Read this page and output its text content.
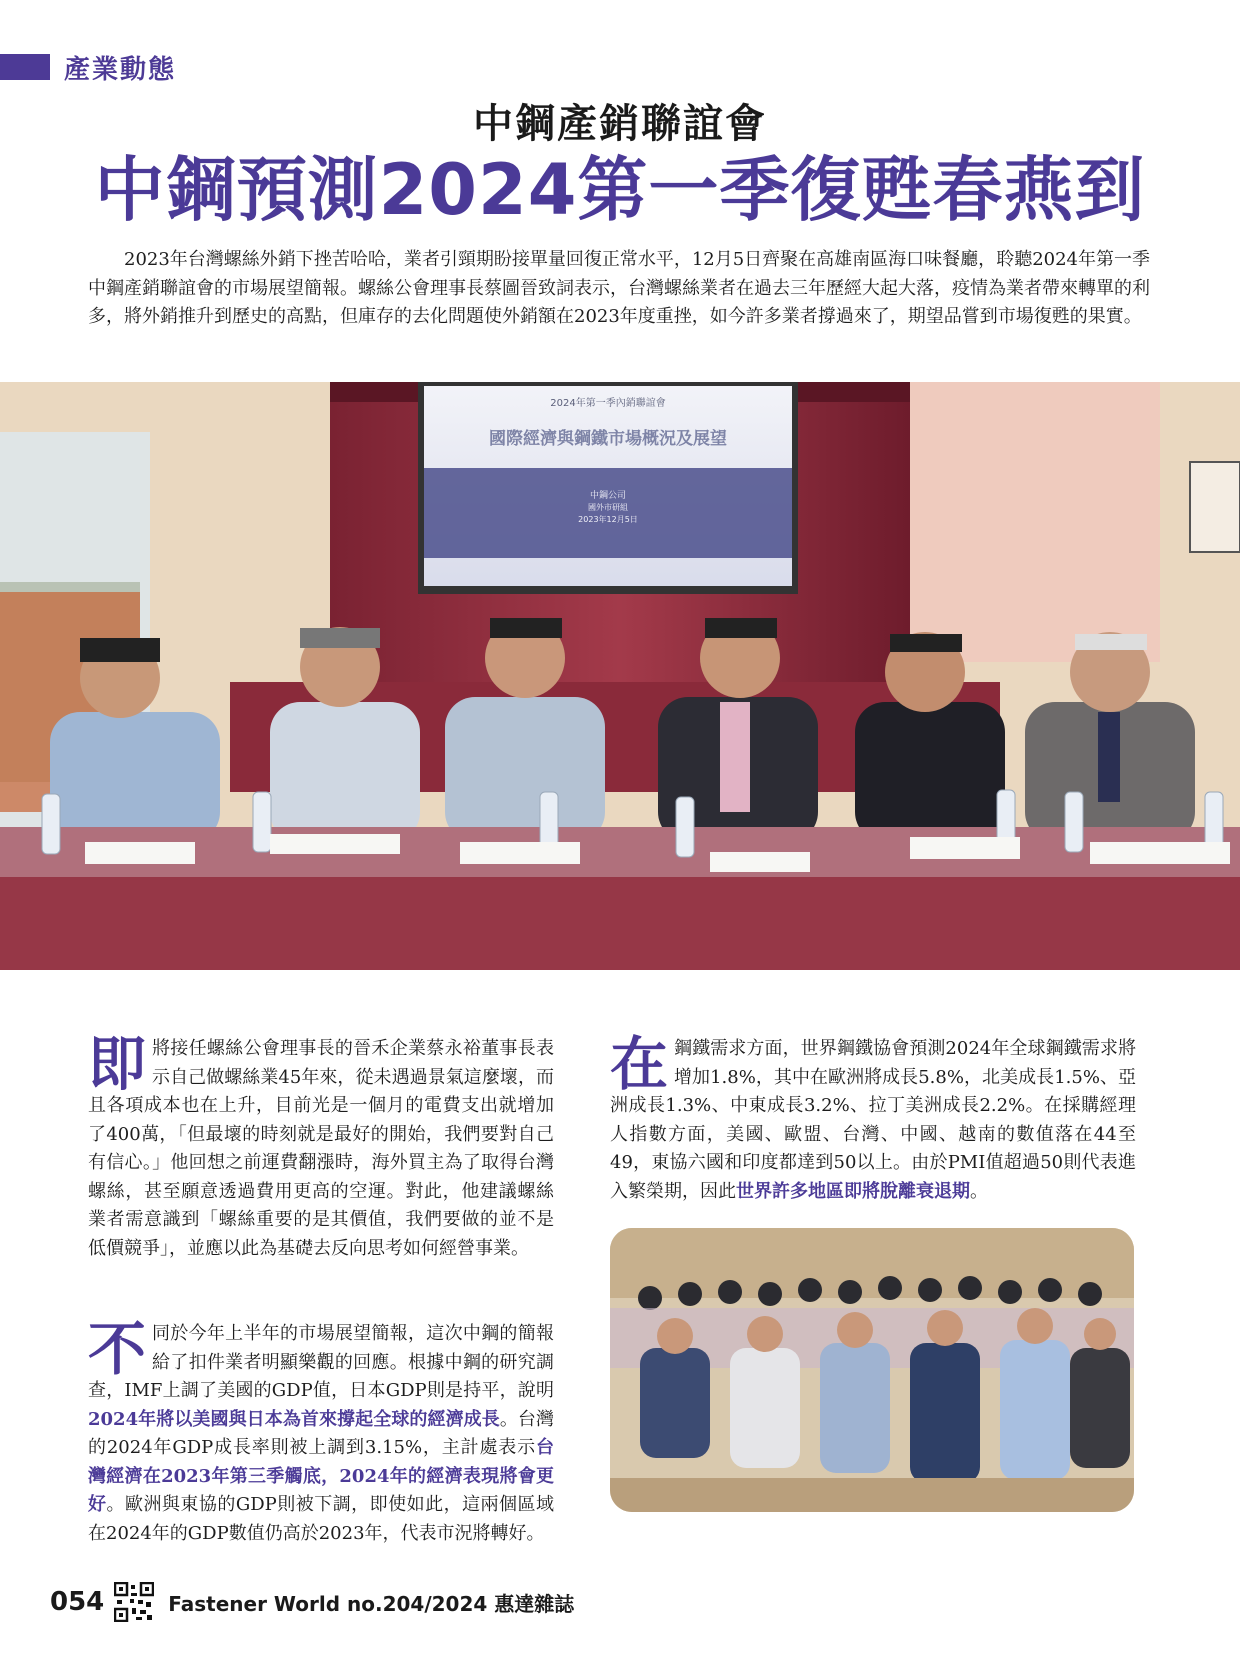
產業動態
中鋼產銷聯誼會
中鋼預測2024第一季復甦春燕到

2023年台灣螺絲外銷下挫苦哈哈，業者引頸期盼接單量回復正常水平，12月5日齊聚在高雄南區海口味餐廳，聆聽2024年第一季中鋼產銷聯誼會的市場展望簡報。螺絲公會理事長蔡圖晉致詞表示，台灣螺絲業者在過去三年歷經大起大落，疫情為業者帶來轉單的利多，將外銷推升到歷史的高點，但庫存的去化問題使外銷額在2023年度重挫，如今許多業者撐過來了，期望品嘗到市場復甦的果實。

2024年第一季內銷聯誼會
國際經濟與鋼鐵市場概況及展望
中鋼公司
國外市研組
2023年12月5日

即將接任螺絲公會理事長的晉禾企業蔡永裕董事長表示自己做螺絲業45年來，從未遇過景氣這麼壞，而且各項成本也在上升，目前光是一個月的電費支出就增加了400萬，「但最壞的時刻就是最好的開始，我們要對自己有信心。」他回想之前運費翻漲時，海外買主為了取得台灣螺絲，甚至願意透過費用更高的空運。對此，他建議螺絲業者需意識到「螺絲重要的是其價值，我們要做的並不是低價競爭」，並應以此為基礎去反向思考如何經營事業。

不同於今年上半年的市場展望簡報，這次中鋼的簡報給了扣件業者明顯樂觀的回應。根據中鋼的研究調查，IMF上調了美國的GDP值，日本GDP則是持平，說明2024年將以美國與日本為首來撐起全球的經濟成長。台灣的2024年GDP成長率則被上調到3.15%，主計處表示台灣經濟在2023年第三季觸底，2024年的經濟表現將會更好。歐洲與東協的GDP則被下調，即使如此，這兩個區域在2024年的GDP數值仍高於2023年，代表市況將轉好。

在鋼鐵需求方面，世界鋼鐵協會預測2024年全球鋼鐵需求將增加1.8%，其中在歐洲將成長5.8%，北美成長1.5%、亞洲成長1.3%、中東成長3.2%、拉丁美洲成長2.2%。在採購經理人指數方面，美國、歐盟、台灣、中國、越南的數值落在44至49，東協六國和印度都達到50以上。由於PMI值超過50則代表進入繁榮期，因此世界許多地區即將脫離衰退期。

054	Fastener World no.204/2024 惠達雜誌
